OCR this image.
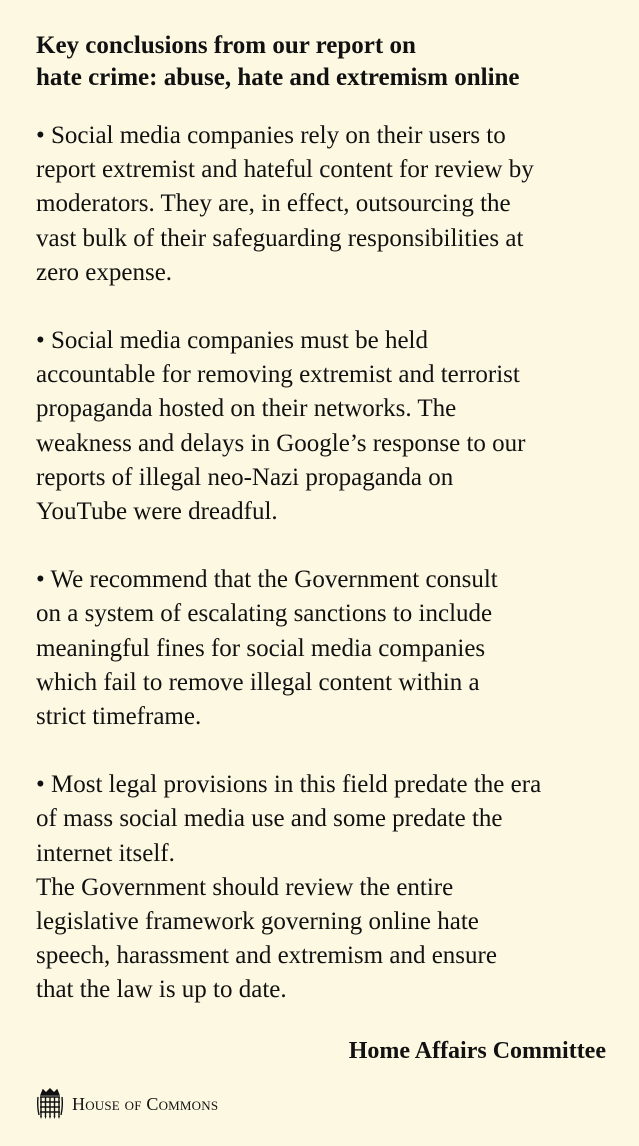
Key conclusions from our report on
hate crime: abuse, hate and extremism online
• Social media companies rely on their users to
report extremist and hateful content for review by
moderators. They are, in effect, outsourcing the
vast bulk of their safeguarding responsibilities at
zero expense.
• Social media companies must be held
accountable for removing extremist and terrorist
propaganda hosted on their networks. The
weakness and delays in Google’s response to our
reports of illegal neo-Nazi propaganda on
YouTube were dreadful.
• We recommend that the Government consult
on a system of escalating sanctions to include
meaningful fines for social media companies
which fail to remove illegal content within a
strict timeframe.
• Most legal provisions in this field predate the era
of mass social media use and some predate the
internet itself.
The Government should review the entire
legislative framework governing online hate
speech, harassment and extremism and ensure
that the law is up to date.
Home Affairs Committee
House of Commons
